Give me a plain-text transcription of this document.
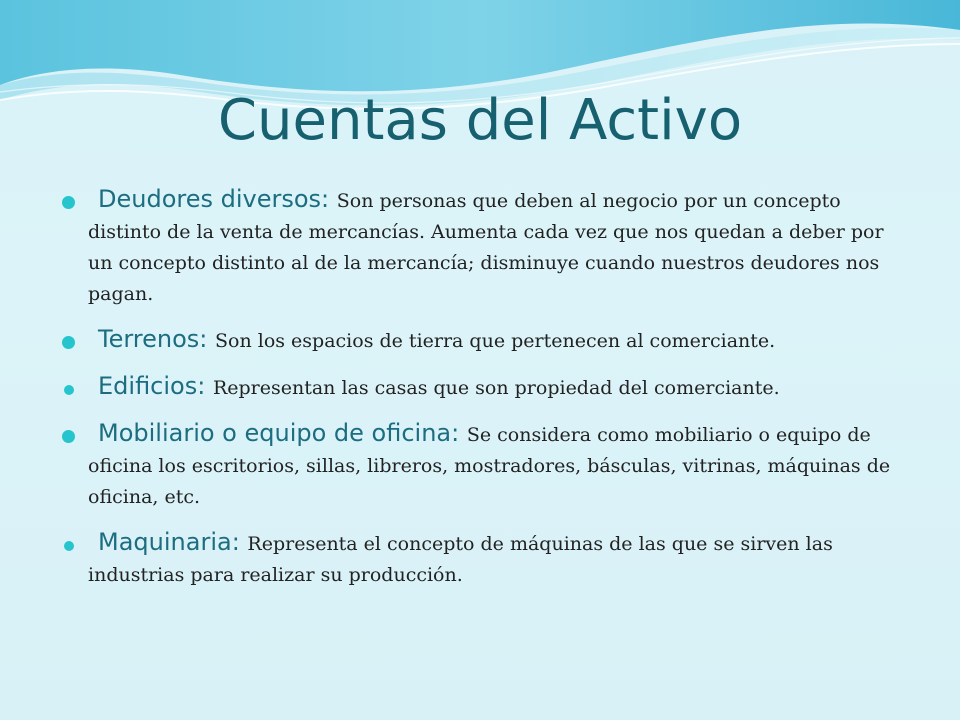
Cuentas del Activo
Deudores diversos: Son personas que deben al negocio por un concepto distinto de la venta de mercancías. Aumenta cada vez que nos quedan a deber por un concepto distinto al de la mercancía; disminuye cuando nuestros deudores nos pagan.
Terrenos: Son los espacios de tierra que pertenecen al comerciante.
Edificios: Representan las casas que son propiedad del comerciante.
Mobiliario o equipo de oficina: Se considera como mobiliario o equipo de oficina los escritorios, sillas, libreros, mostradores, básculas, vitrinas, máquinas de oficina, etc.
Maquinaria: Representa el concepto de máquinas de las que se sirven las industrias para realizar su producción.
